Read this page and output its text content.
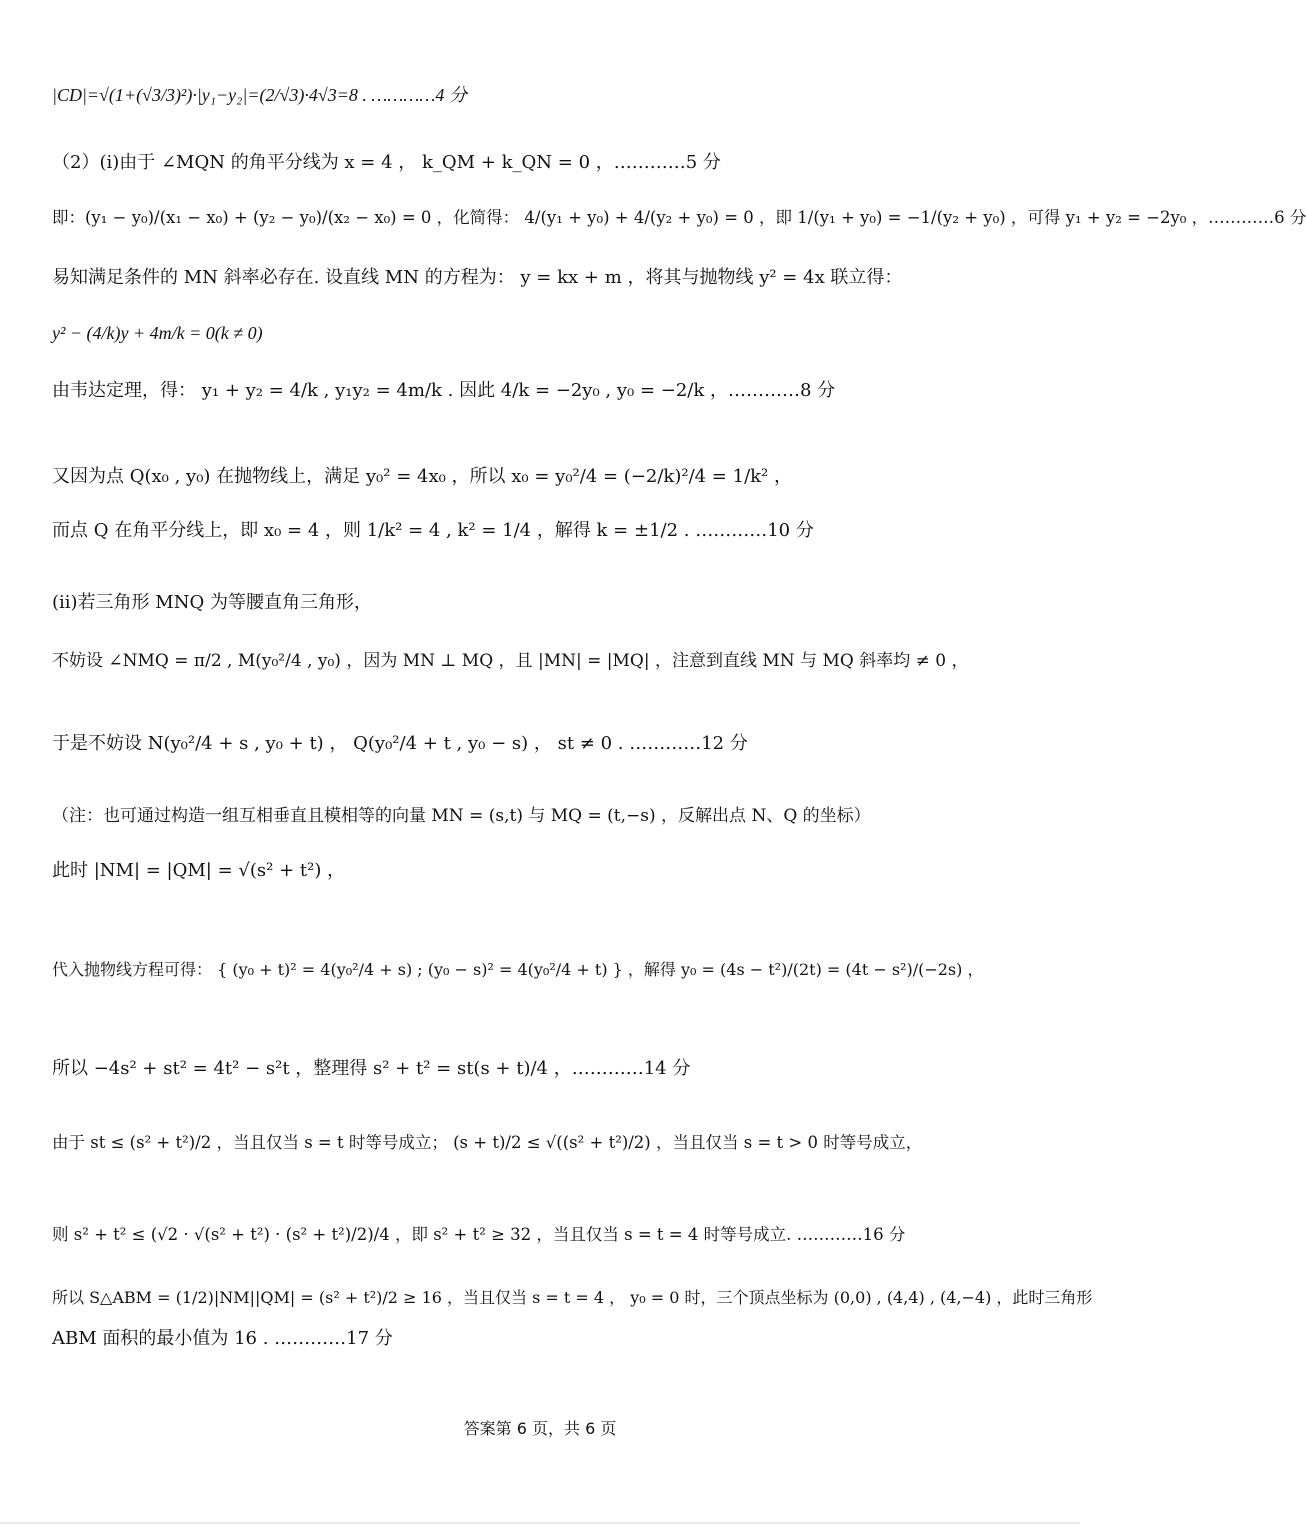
|CD|=√(1+(√3/3)²)·|y₁−y₂|=(2/√3)·4√3=8 . …………4 分
（2）(i)由于 ∠MQN 的角平分线为 x = 4 ， k_QM + k_QN = 0 ，…………5 分
即：(y₁ − y₀)/(x₁ − x₀) + (y₂ − y₀)/(x₂ − x₀) = 0 ，化简得： 4/(y₁ + y₀) + 4/(y₂ + y₀) = 0 ，即 1/(y₁ + y₀) = −1/(y₂ + y₀) ，可得 y₁ + y₂ = −2y₀ ，…………6 分
易知满足条件的 MN 斜率必存在. 设直线 MN 的方程为： y = kx + m ，将其与抛物线 y² = 4x 联立得：
y² − (4/k)y + 4m/k = 0(k ≠ 0)
由韦达定理，得： y₁ + y₂ = 4/k , y₁y₂ = 4m/k . 因此 4/k = −2y₀ , y₀ = −2/k ，…………8 分
又因为点 Q(x₀ , y₀) 在抛物线上，满足 y₀² = 4x₀ ，所以 x₀ = y₀²/4 = (−2/k)²/4 = 1/k² ，
而点 Q 在角平分线上，即 x₀ = 4 ，则 1/k² = 4 , k² = 1/4 ，解得 k = ±1/2 . …………10 分
(ii)若三角形 MNQ 为等腰直角三角形，
不妨设 ∠NMQ = π/2 , M(y₀²/4 , y₀) ，因为 MN ⊥ MQ ，且 |MN| = |MQ| ，注意到直线 MN 与 MQ 斜率均 ≠ 0 ，
于是不妨设 N(y₀²/4 + s , y₀ + t) ， Q(y₀²/4 + t , y₀ − s) ， st ≠ 0 . …………12 分
（注：也可通过构造一组互相垂直且模相等的向量 MN = (s,t) 与 MQ = (t,−s) ，反解出点 N、Q 的坐标）
此时 |NM| = |QM| = √(s² + t²) ，
代入抛物线方程可得： { (y₀ + t)² = 4(y₀²/4 + s) ; (y₀ − s)² = 4(y₀²/4 + t) } ，解得 y₀ = (4s − t²)/(2t) = (4t − s²)/(−2s) ，
所以 −4s² + st² = 4t² − s²t ，整理得 s² + t² = st(s + t)/4 ，…………14 分
由于 st ≤ (s² + t²)/2 ，当且仅当 s = t 时等号成立； (s + t)/2 ≤ √((s² + t²)/2) ，当且仅当 s = t > 0 时等号成立，
则 s² + t² ≤ (√2 · √(s² + t²) · (s² + t²)/2)/4 ，即 s² + t² ≥ 32 ，当且仅当 s = t = 4 时等号成立. …………16 分
所以 S△ABM = (1/2)|NM||QM| = (s² + t²)/2 ≥ 16 ，当且仅当 s = t = 4 ， y₀ = 0 时，三个顶点坐标为 (0,0) , (4,4) , (4,−4) ，此时三角形
ABM 面积的最小值为 16 . …………17 分
答案第 6 页，共 6 页
